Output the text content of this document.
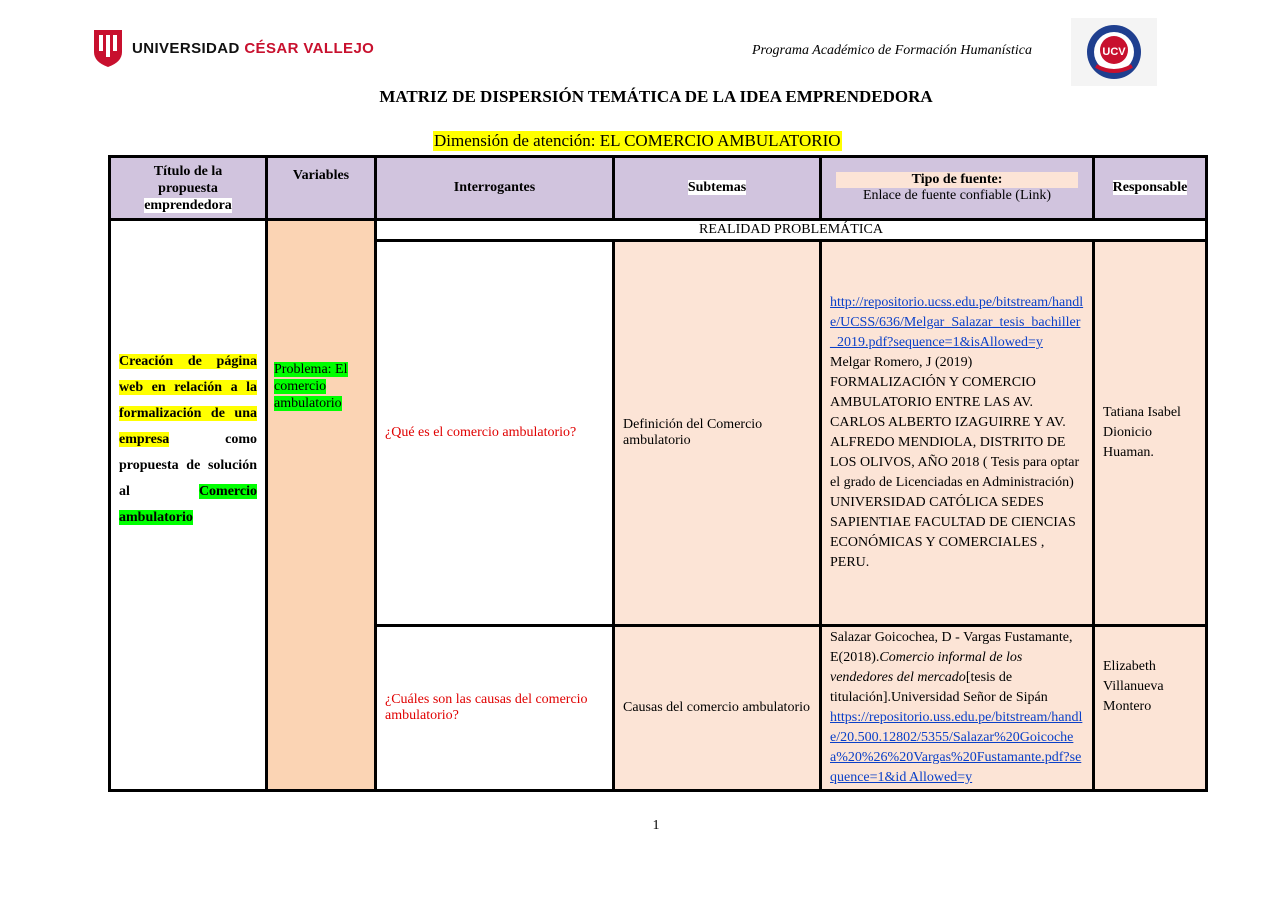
UNIVERSIDAD CÉSAR VALLEJO	Programa Académico de Formación Humanística	UCV
MATRIZ DE DISPERSIÓN TEMÁTICA DE LA IDEA EMPRENDEDORA
Dimensión de atención: EL COMERCIO AMBULATORIO
Título de la
propuesta
emprendedora	Variables	Interrogantes	Subtemas	Tipo de fuente:
Enlace de fuente confiable (Link)	Responsable
Creación de página web en relación a la formalización de una empresa como propuesta de solución al Comercio ambulatorio	Problema: El comercio ambulatorio	REALIDAD PROBLEMÁTICA			
		¿Qué es el comercio ambulatorio?	Definición del Comercio ambulatorio	http://repositorio.ucss.edu.pe/bitstream/handle/UCSS/636/Melgar_Salazar_tesis_bachiller_2019.pdf?sequence=1&isAllowed=y
Melgar Romero, J (2019) FORMALIZACIÓN Y COMERCIO AMBULATORIO ENTRE LAS AV. CARLOS ALBERTO IZAGUIRRE Y AV. ALFREDO MENDIOLA, DISTRITO DE LOS OLIVOS, AÑO 2018 ( Tesis para optar el grado de Licenciadas en Administración) UNIVERSIDAD CATÓLICA SEDES SAPIENTIAE FACULTAD DE CIENCIAS ECONÓMICAS Y COMERCIALES , PERU.	Tatiana Isabel Dionicio Huaman.
		¿Cuáles son las causas del comercio ambulatorio?	Causas del comercio ambulatorio	Salazar Goicochea, D - Vargas Fustamante, E(2018).Comercio informal de los vendedores del mercado[tesis de titulación].Universidad Señor de Sipán
https://repositorio.uss.edu.pe/bitstream/handle/20.500.12802/5355/Salazar%20Goicochea%20%26%20Vargas%20Fustamante.pdf?sequence=1&id Allowed=y	Elizabeth Villanueva Montero
1
